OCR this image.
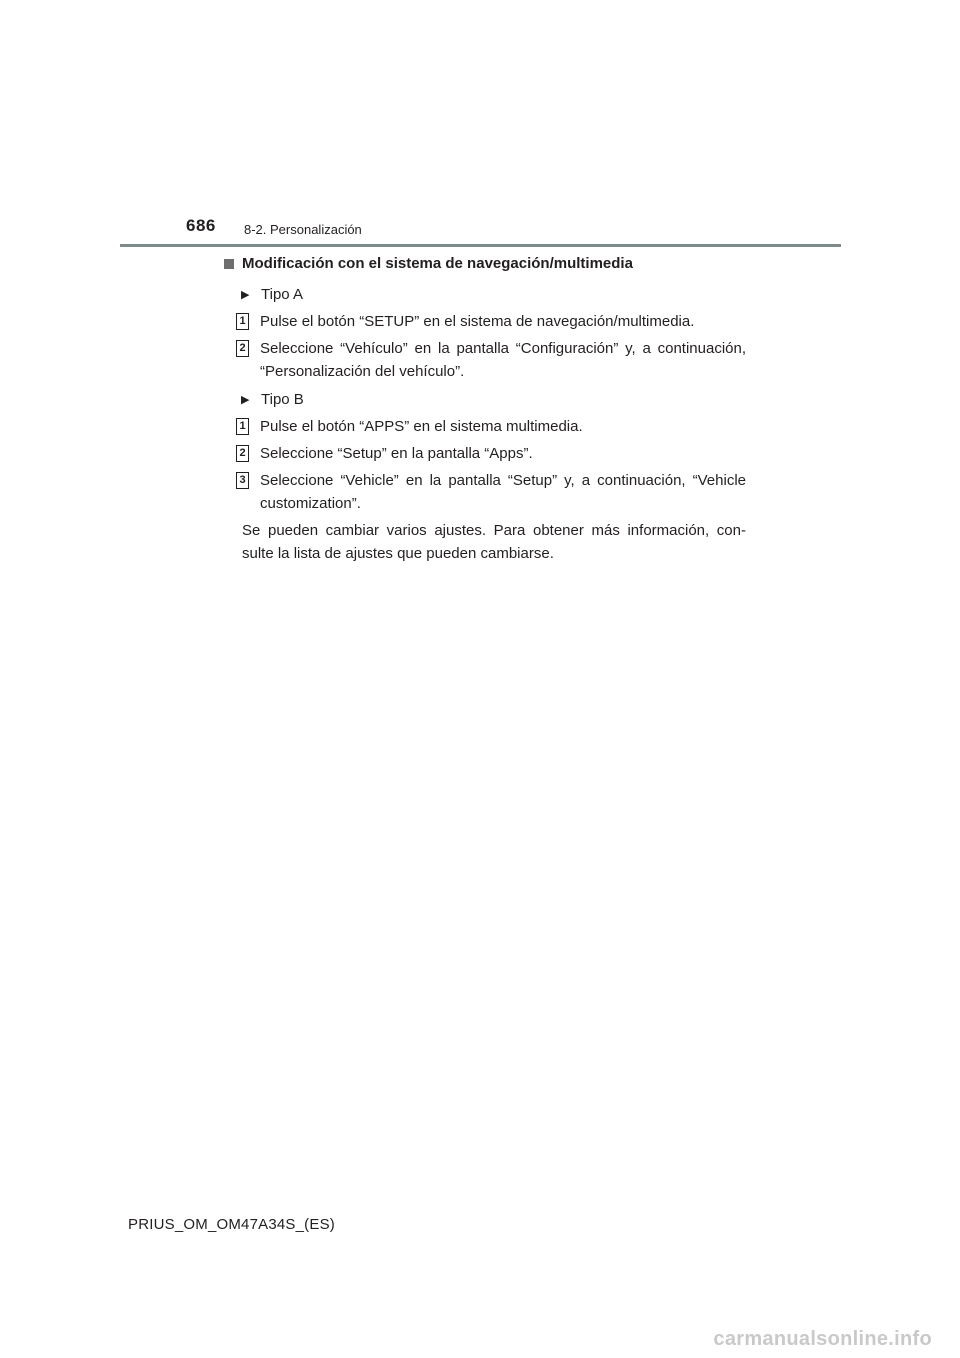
686 8-2. Personalización
Modificación con el sistema de navegación/multimedia
▶ Tipo A
1 Pulse el botón “SETUP” en el sistema de navegación/multimedia.
2 Seleccione “Vehículo” en la pantalla “Configuración” y, a continuación, “Personalización del vehículo”.
▶ Tipo B
1 Pulse el botón “APPS” en el sistema multimedia.
2 Seleccione “Setup” en la pantalla “Apps”.
3 Seleccione “Vehicle” en la pantalla “Setup” y, a continuación, “Vehicle customization”.
Se pueden cambiar varios ajustes. Para obtener más información, con- sulte la lista de ajustes que pueden cambiarse.
PRIUS_OM_OM47A34S_(ES)
carmanualsonline.info
